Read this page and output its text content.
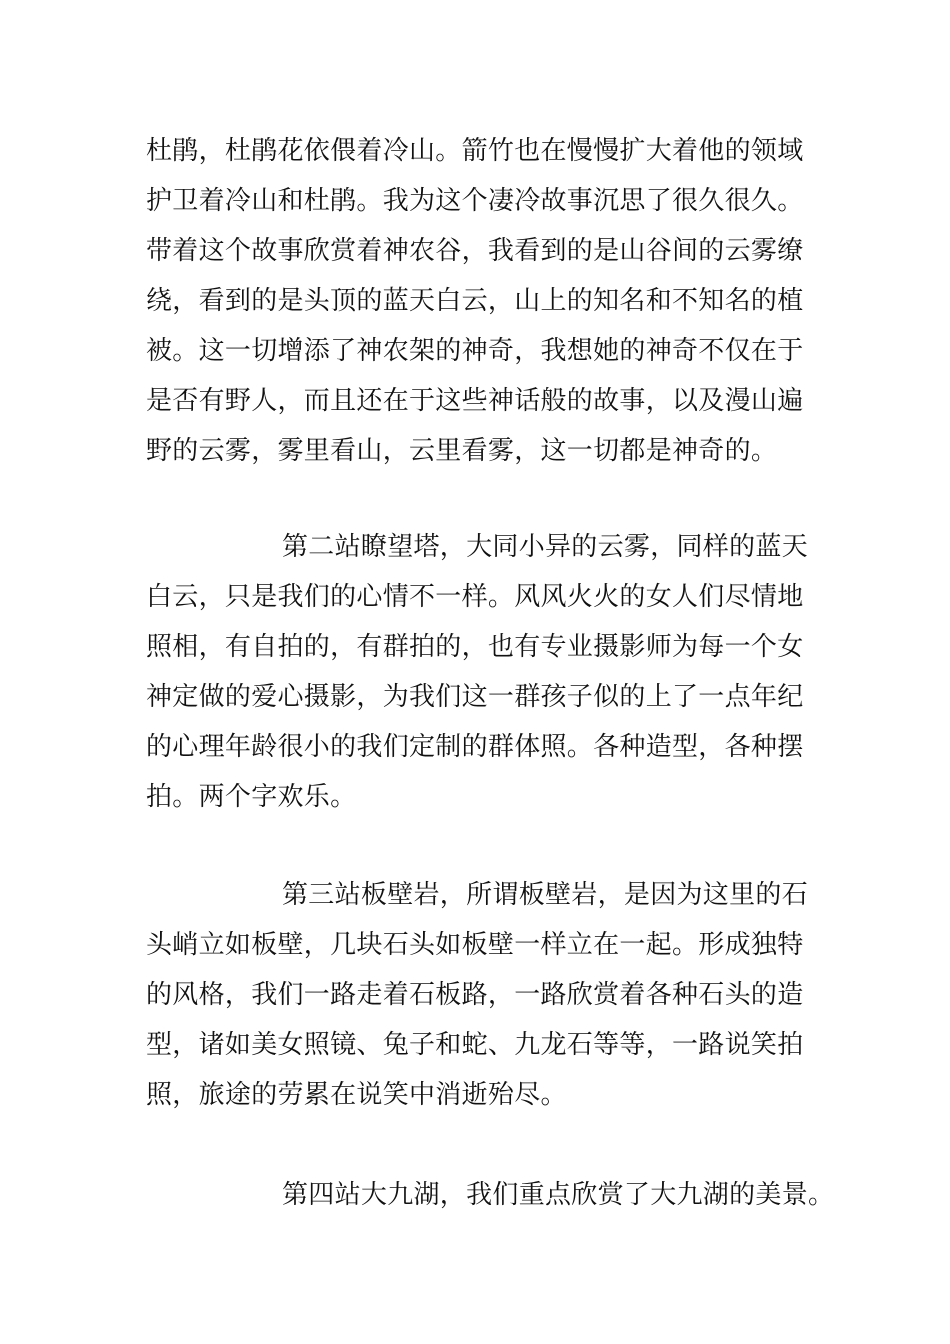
杜鹃，杜鹃花依偎着冷山。箭竹也在慢慢扩大着他的领域
护卫着冷山和杜鹃。我为这个凄冷故事沉思了很久很久。
带着这个故事欣赏着神农谷，我看到的是山谷间的云雾缭
绕，看到的是头顶的蓝天白云，山上的知名和不知名的植
被。这一切增添了神农架的神奇，我想她的神奇不仅在于
是否有野人，而且还在于这些神话般的故事，以及漫山遍
野的云雾，雾里看山，云里看雾，这一切都是神奇的。
第二站瞭望塔，大同小异的云雾，同样的蓝天
白云，只是我们的心情不一样。风风火火的女人们尽情地
照相，有自拍的，有群拍的，也有专业摄影师为每一个女
神定做的爱心摄影，为我们这一群孩子似的上了一点年纪
的心理年龄很小的我们定制的群体照。各种造型，各种摆
拍。两个字欢乐。
第三站板壁岩，所谓板壁岩，是因为这里的石
头峭立如板壁，几块石头如板壁一样立在一起。形成独特
的风格，我们一路走着石板路，一路欣赏着各种石头的造
型，诸如美女照镜、兔子和蛇、九龙石等等，一路说笑拍
照，旅途的劳累在说笑中消逝殆尽。
第四站大九湖，我们重点欣赏了大九湖的美景。
